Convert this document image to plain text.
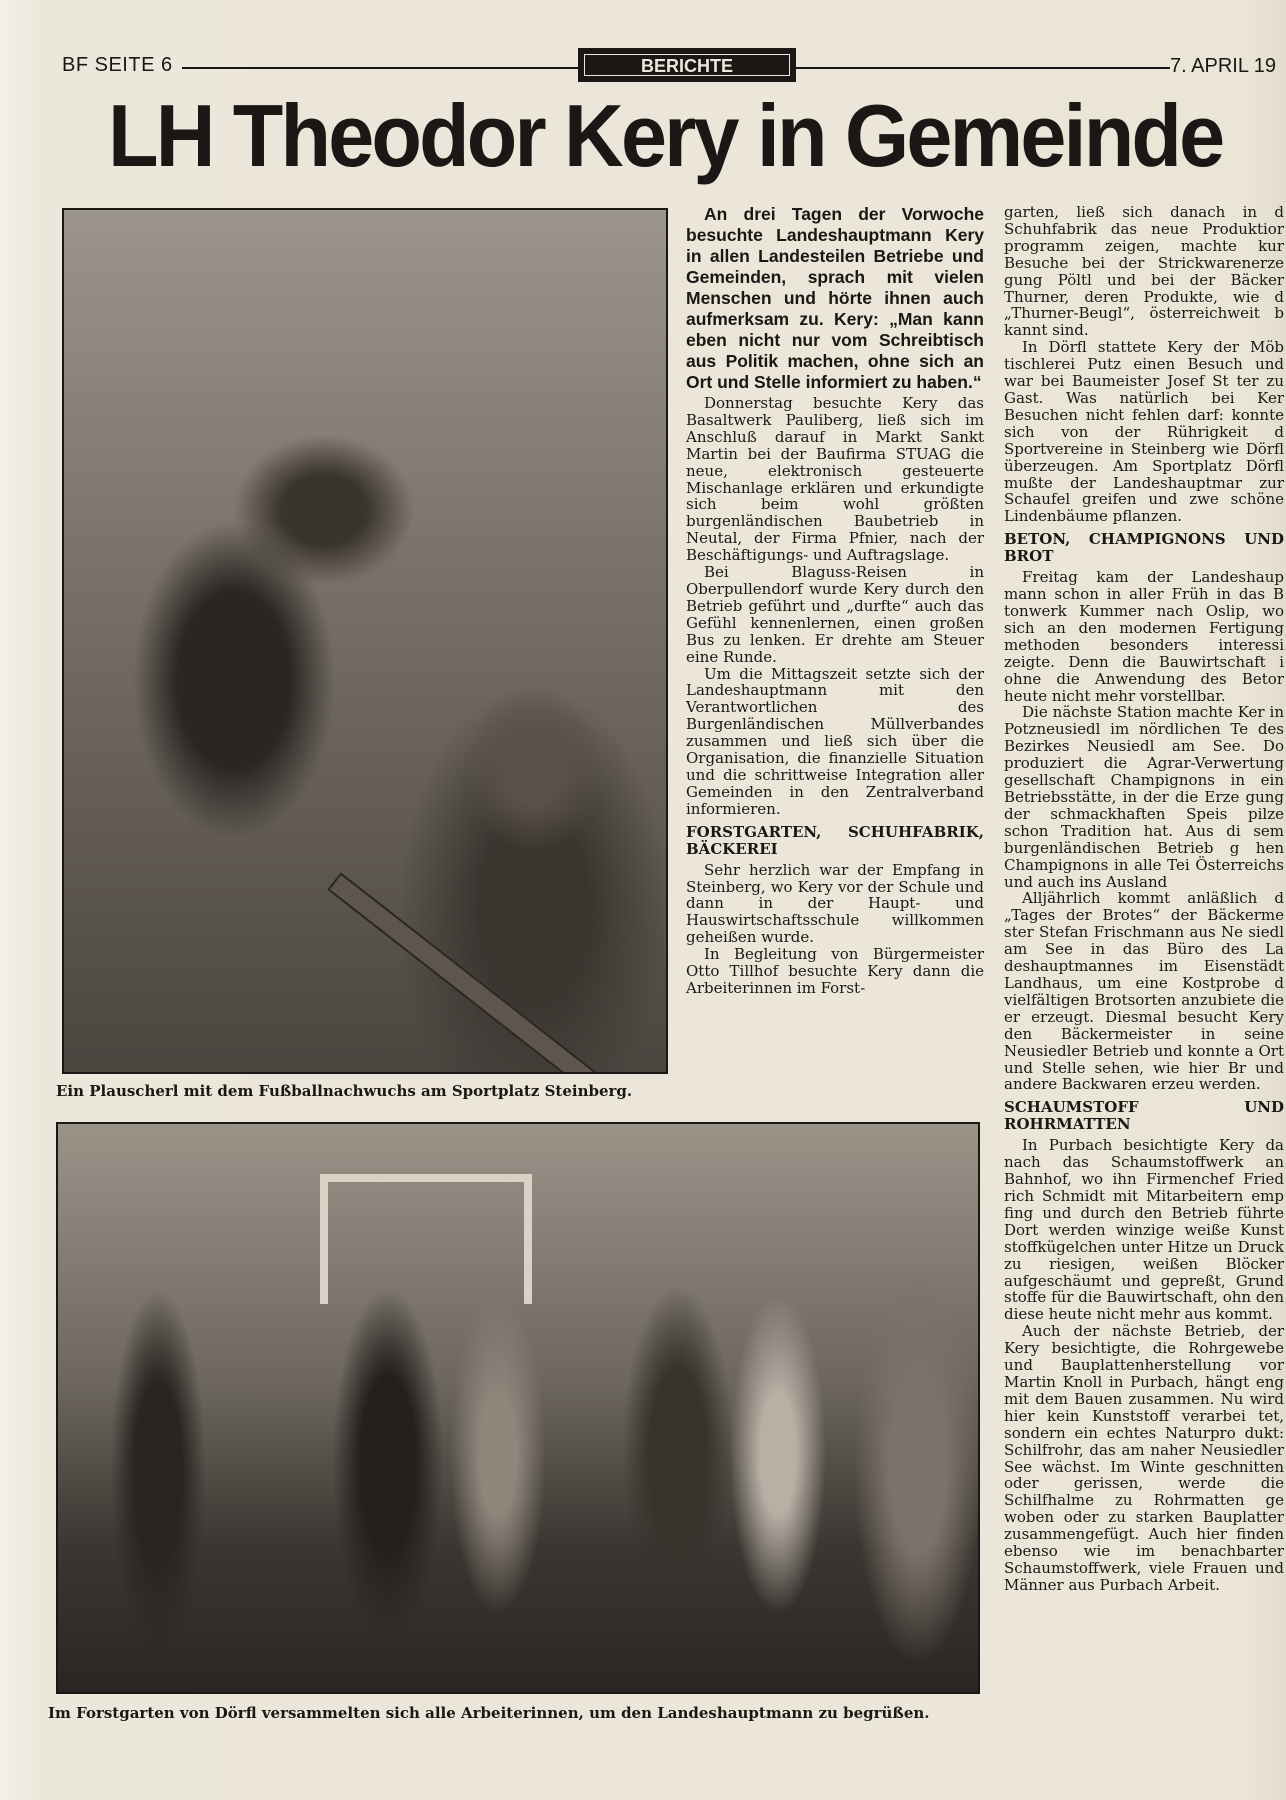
BF SEITE 6	BERICHTE	7. APRIL 19
LH Theodor Kery in Gemeinde
Ein Plauscherl mit dem Fußballnachwuchs am Sportplatz Steinberg.
Im Forstgarten von Dörfl versammelten sich alle Arbeiterinnen, um den Landeshauptmann zu begrüßen.

An drei Tagen der Vorwoche besuchte Landeshauptmann Kery in allen Landesteilen Betriebe und Gemeinden, sprach mit vielen Menschen und hörte ihnen auch aufmerksam zu. Kery: „Man kann eben nicht nur vom Schreibtisch aus Politik machen, ohne sich an Ort und Stelle informiert zu haben.“

Donnerstag besuchte Kery das Basaltwerk Pauliberg, ließ sich im Anschluß darauf in Markt Sankt Martin bei der Baufirma STUAG die neue, elektronisch gesteuerte Mischanlage erklären und erkundigte sich beim wohl größten burgenländischen Baubetrieb in Neutal, der Firma Pfnier, nach der Beschäftigungs- und Auftragslage.

Bei Blaguss-Reisen in Oberpullendorf wurde Kery durch den Betrieb geführt und „durfte“ auch das Gefühl kennenlernen, einen großen Bus zu lenken. Er drehte am Steuer eine Runde.

Um die Mittagszeit setzte sich der Landeshauptmann mit den Verantwortlichen des Burgenländischen Müllverbandes zusammen und ließ sich über die Organisation, die finanzielle Situation und die schrittweise Integration aller Gemeinden in den Zentralverband informieren.

FORSTGARTEN, SCHUHFABRIK, BÄCKEREI

Sehr herzlich war der Empfang in Steinberg, wo Kery vor der Schule und dann in der Haupt- und Hauswirtschaftsschule willkommen geheißen wurde.

In Begleitung von Bürgermeister Otto Tillhof besuchte Kery dann die Arbeiterinnen im Forst-

garten, ließ sich danach in d Schuhfabrik das neue Produktior programm zeigen, machte kur Besuche bei der Strickwarenerze gung Pöltl und bei der Bäcker Thurner, deren Produkte, wie d „Thurner-Beugl“, österreichweit b kannt sind.

In Dörfl stattete Kery der Möb tischlerei Putz einen Besuch und war bei Baumeister Josef St ter zu Gast. Was natürlich bei Ker Besuchen nicht fehlen darf: konnte sich von der Rührigkeit d Sportvereine in Steinberg wie Dörfl überzeugen. Am Sportplatz Dörfl mußte der Landeshauptmar zur Schaufel greifen und zwe schöne Lindenbäume pflanzen.

BETON, CHAMPIGNONS UND BROT

Freitag kam der Landeshaup mann schon in aller Früh in das B tonwerk Kummer nach Oslip, wo sich an den modernen Fertigung methoden besonders interessi zeigte. Denn die Bauwirtschaft i ohne die Anwendung des Betor heute nicht mehr vorstellbar.

Die nächste Station machte Ker in Potzneusiedl im nördlichen Te des Bezirkes Neusiedl am See. Do produziert die Agrar-Verwertung gesellschaft Champignons in ein Betriebsstätte, in der die Erze gung der schmackhaften Speis pilze schon Tradition hat. Aus di sem burgenländischen Betrieb g hen Champignons in alle Tei Österreichs und auch ins Ausland

Alljährlich kommt anläßlich d „Tages der Brotes“ der Bäckerme ster Stefan Frischmann aus Ne siedl am See in das Büro des La deshauptmannes im Eisenstädt Landhaus, um eine Kostprobe d vielfältigen Brotsorten anzubiete die er erzeugt. Diesmal besucht Kery den Bäckermeister in seine Neusiedler Betrieb und konnte a Ort und Stelle sehen, wie hier Br und andere Backwaren erzeu werden.

SCHAUMSTOFF UND ROHRMATTEN

In Purbach besichtigte Kery da nach das Schaumstoffwerk an Bahnhof, wo ihn Firmenchef Fried rich Schmidt mit Mitarbeitern emp fing und durch den Betrieb führte Dort werden winzige weiße Kunst stoffkügelchen unter Hitze un Druck zu riesigen, weißen Blöcker aufgeschäumt und gepreßt, Grund stoffe für die Bauwirtschaft, ohn den diese heute nicht mehr aus kommt.

Auch der nächste Betrieb, der Kery besichtigte, die Rohrgewebe und Bauplattenherstellung vor Martin Knoll in Purbach, hängt eng mit dem Bauen zusammen. Nu wird hier kein Kunststoff verarbei tet, sondern ein echtes Naturpro dukt: Schilfrohr, das am naher Neusiedler See wächst. Im Winte geschnitten oder gerissen, werde die Schilfhalme zu Rohrmatten ge woben oder zu starken Bauplatter zusammengefügt. Auch hier finden ebenso wie im benachbarter Schaumstoffwerk, viele Frauen und Männer aus Purbach Arbeit.
